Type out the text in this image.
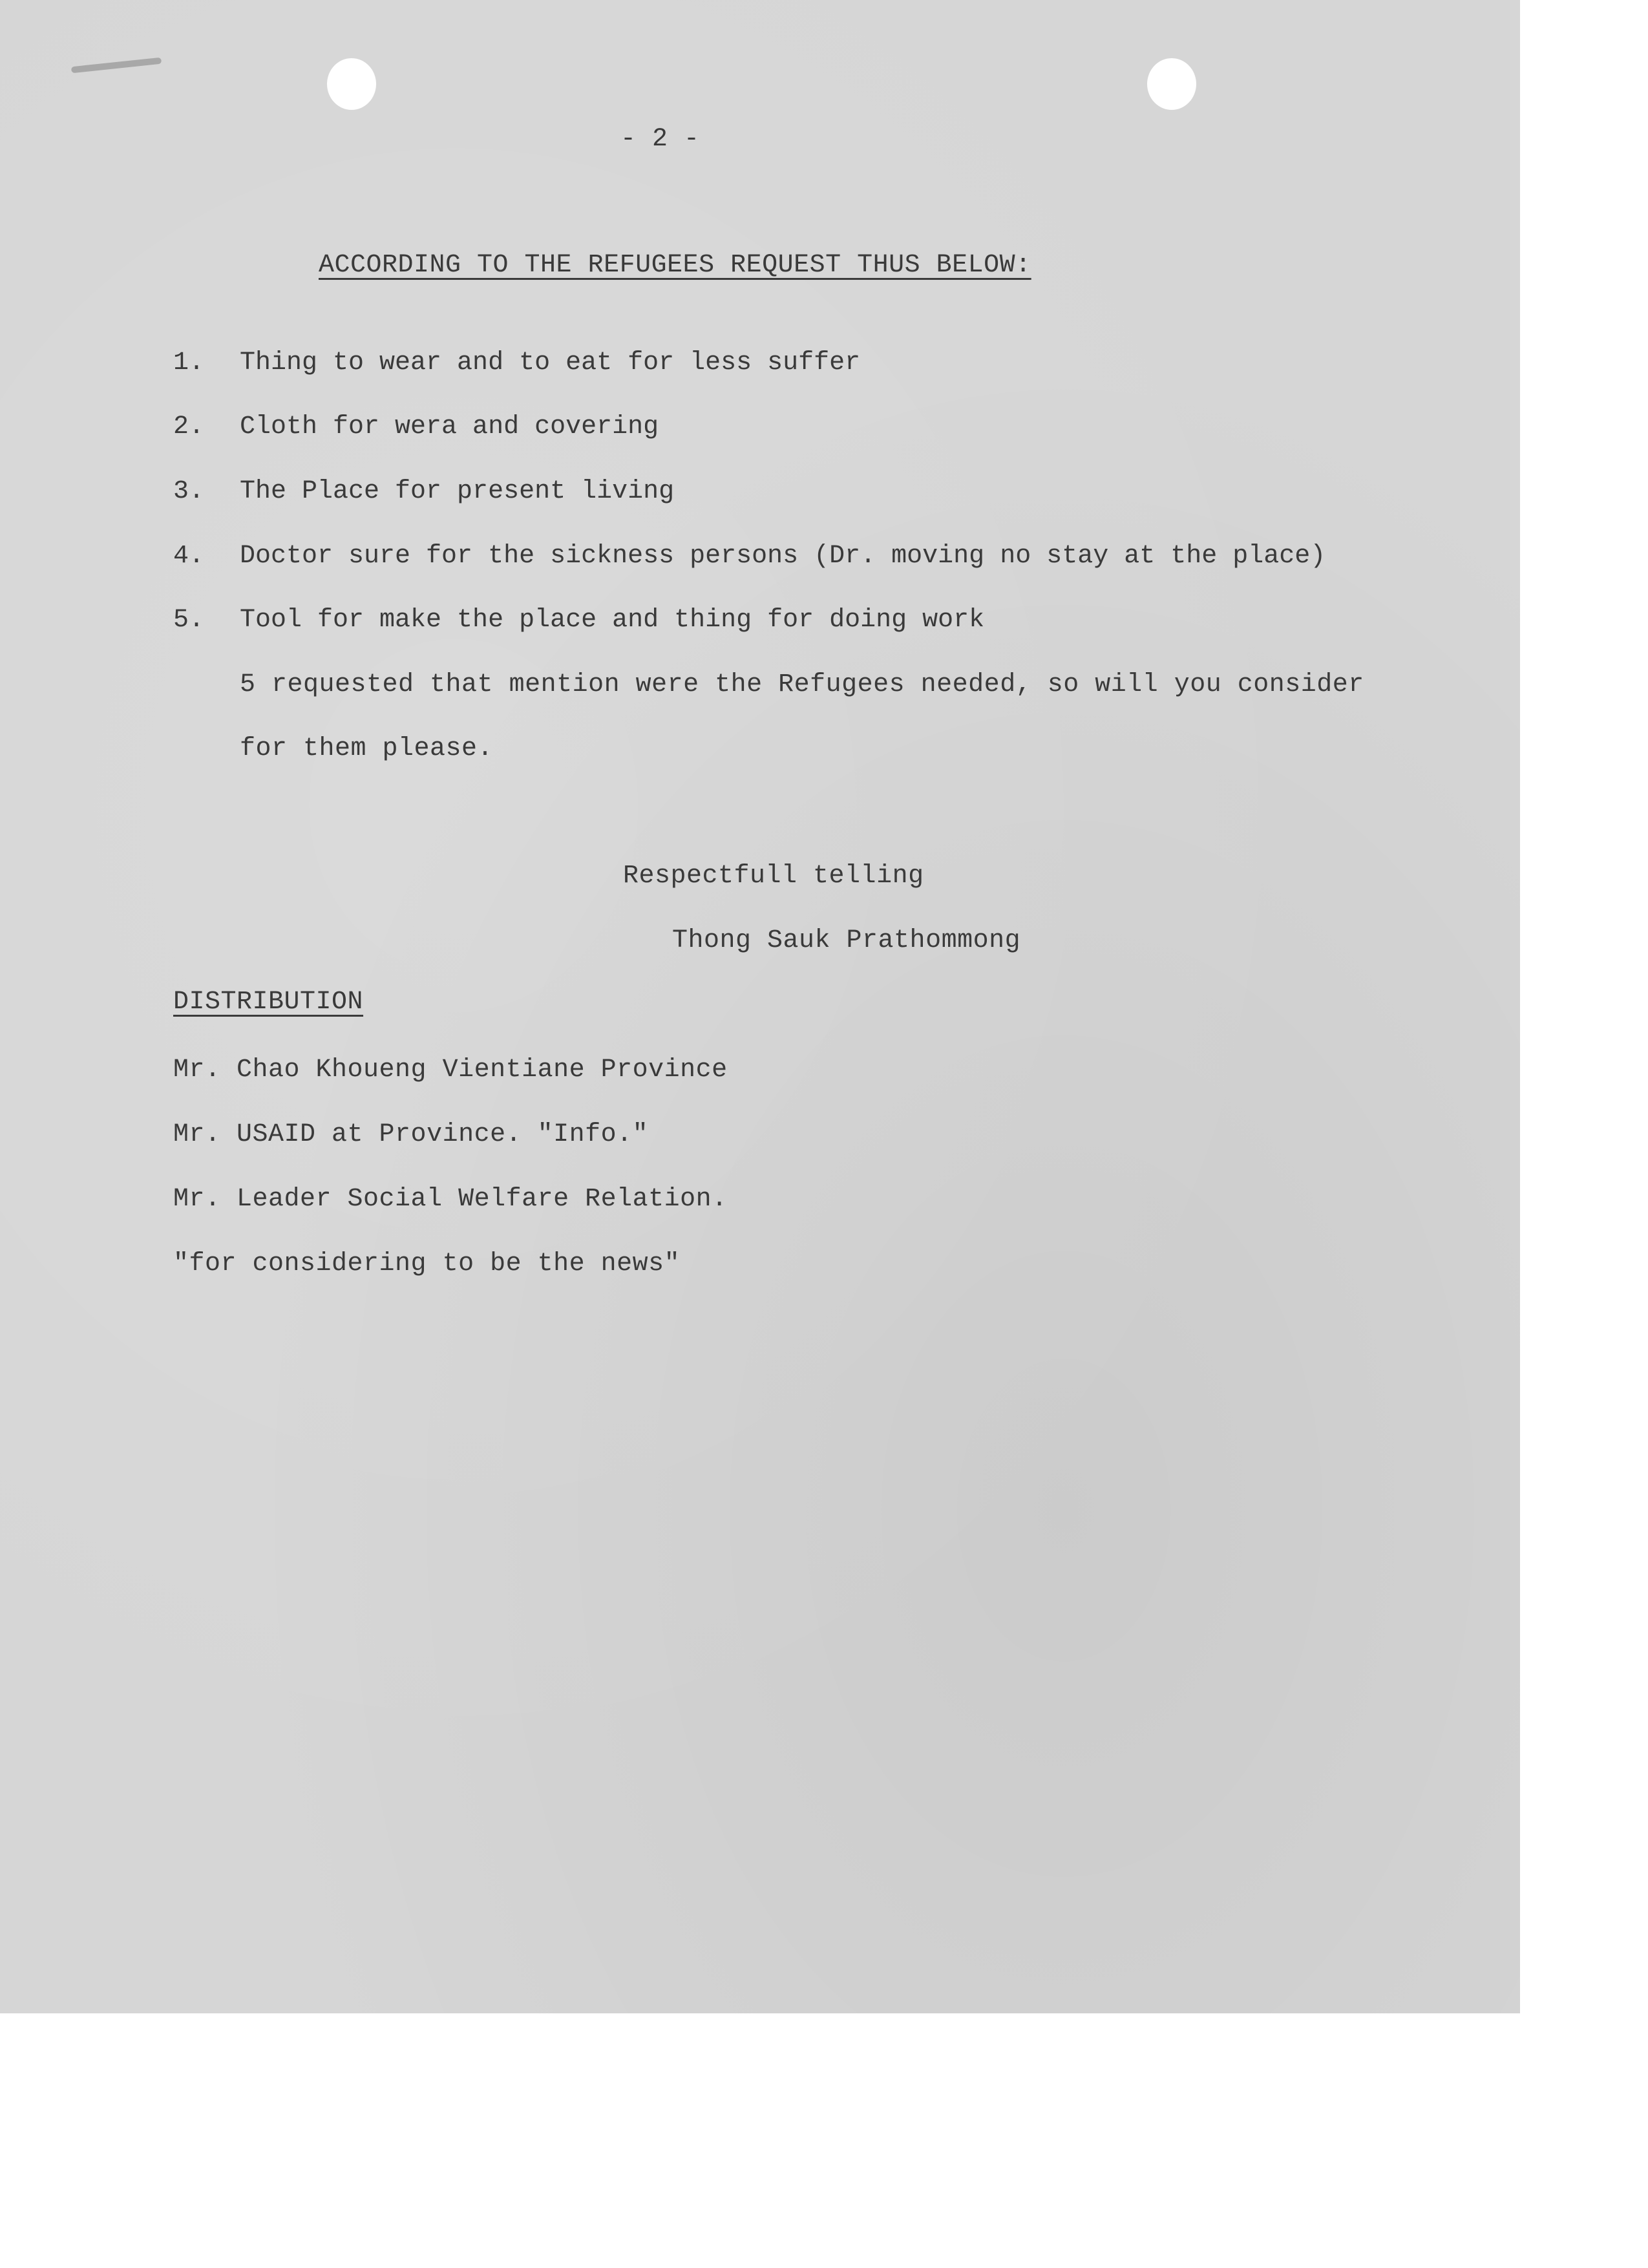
- 2 -
ACCORDING TO THE REFUGEES REQUEST THUS BELOW:
1. Thing to wear and to eat for less suffer
2. Cloth for wera and covering
3. The Place for present living
4. Doctor sure for the sickness persons (Dr. moving no stay at the place)
5. Tool for make the place and thing for doing work
5 requested that mention were the Refugees needed, so will you consider
for them please.
Respectfull telling
Thong Sauk Prathommong
DISTRIBUTION
Mr. Chao Khoueng Vientiane Province
Mr. USAID at Province. "Info."
Mr. Leader Social Welfare Relation.
"for considering to be the news"
